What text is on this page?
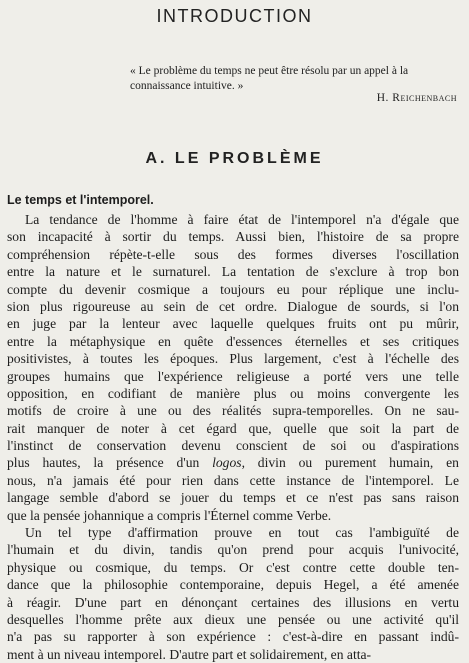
INTRODUCTION
« Le problème du temps ne peut être résolu par un appel à la connaissance intuitive. »
H. Reichenbach
A. LE PROBLÈME
Le temps et l'intemporel.
La tendance de l'homme à faire état de l'intemporel n'a d'égale que
son incapacité à sortir du temps. Aussi bien, l'histoire de sa propre
compréhension répète-t-elle sous des formes diverses l'oscillation
entre la nature et le surnaturel. La tentation de s'exclure à trop bon
compte du devenir cosmique a toujours eu pour réplique une inclu-
sion plus rigoureuse au sein de cet ordre. Dialogue de sourds, si l'on
en juge par la lenteur avec laquelle quelques fruits ont pu mûrir,
entre la métaphysique en quête d'essences éternelles et ses critiques
positivistes, à toutes les époques. Plus largement, c'est à l'échelle des
groupes humains que l'expérience religieuse a porté vers une telle
opposition, en codifiant de manière plus ou moins convergente les
motifs de croire à une ou des réalités supra-temporelles. On ne sau-
rait manquer de noter à cet égard que, quelle que soit la part de
l'instinct de conservation devenu conscient de soi ou d'aspirations
plus hautes, la présence d'un logos, divin ou purement humain, en
nous, n'a jamais été pour rien dans cette instance de l'intemporel. Le
langage semble d'abord se jouer du temps et ce n'est pas sans raison
que la pensée johannique a compris l'Éternel comme Verbe.
Un tel type d'affirmation prouve en tout cas l'ambiguïté de
l'humain et du divin, tandis qu'on prend pour acquis l'univocité,
physique ou cosmique, du temps. Or c'est contre cette double ten-
dance que la philosophie contemporaine, depuis Hegel, a été amenée
à réagir. D'une part en dénonçant certaines des illusions en vertu
desquelles l'homme prête aux dieux une pensée ou une activité qu'il
n'a pas su rapporter à son expérience : c'est-à-dire en passant indû-
ment à un niveau intemporel. D'autre part et solidairement, en atta-
